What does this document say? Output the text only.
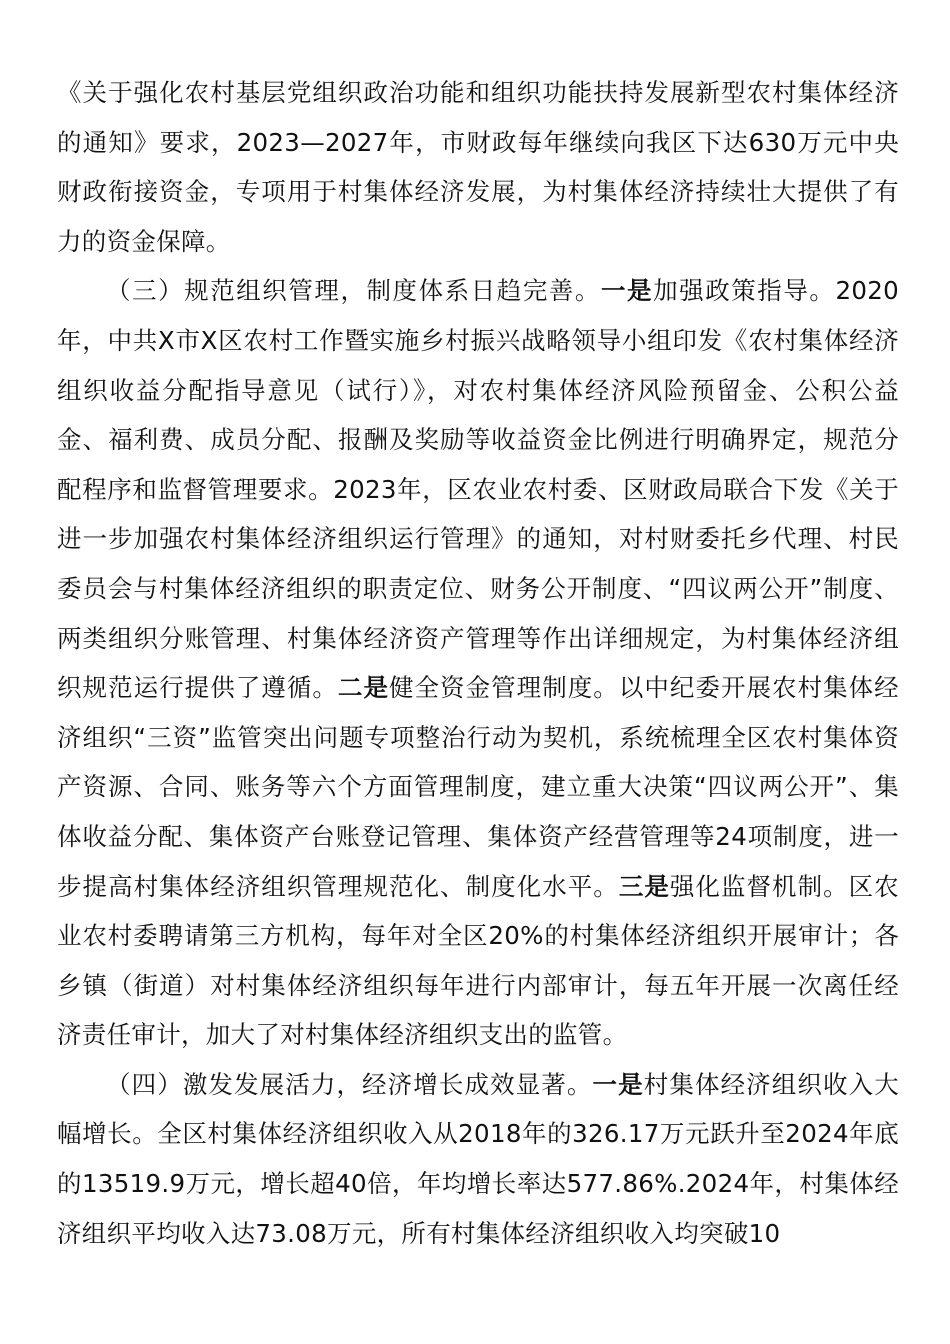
《关于强化农村基层党组织政治功能和组织功能扶持发展新型农村集体经济的通知》要求，2023—2027年，市财政每年继续向我区下达630万元中央财政衔接资金，专项用于村集体经济发展，为村集体经济持续壮大提供了有力的资金保障。

（三）规范组织管理，制度体系日趋完善。一是加强政策指导。2020年，中共X市X区农村工作暨实施乡村振兴战略领导小组印发《农村集体经济组织收益分配指导意见（试行）》，对农村集体经济风险预留金、公积公益金、福利费、成员分配、报酬及奖励等收益资金比例进行明确界定，规范分配程序和监督管理要求。2023年，区农业农村委、区财政局联合下发《关于进一步加强农村集体经济组织运行管理》的通知，对村财委托乡代理、村民委员会与村集体经济组织的职责定位、财务公开制度、“四议两公开”制度、两类组织分账管理、村集体经济资产管理等作出详细规定，为村集体经济组织规范运行提供了遵循。二是健全资金管理制度。以中纪委开展农村集体经济组织“三资”监管突出问题专项整治行动为契机，系统梳理全区农村集体资产资源、合同、账务等六个方面管理制度，建立重大决策“四议两公开”、集体收益分配、集体资产台账登记管理、集体资产经营管理等24项制度，进一步提高村集体经济组织管理规范化、制度化水平。三是强化监督机制。区农业农村委聘请第三方机构，每年对全区20%的村集体经济组织开展审计；各乡镇（街道）对村集体经济组织每年进行内部审计，每五年开展一次离任经济责任审计，加大了对村集体经济组织支出的监管。

（四）激发发展活力，经济增长成效显著。一是村集体经济组织收入大幅增长。全区村集体经济组织收入从2018年的326.17万元跃升至2024年底的13519.9万元，增长超40倍，年均增长率达577.86%.2024年，村集体经济组织平均收入达73.08万元，所有村集体经济组织收入均突破10
